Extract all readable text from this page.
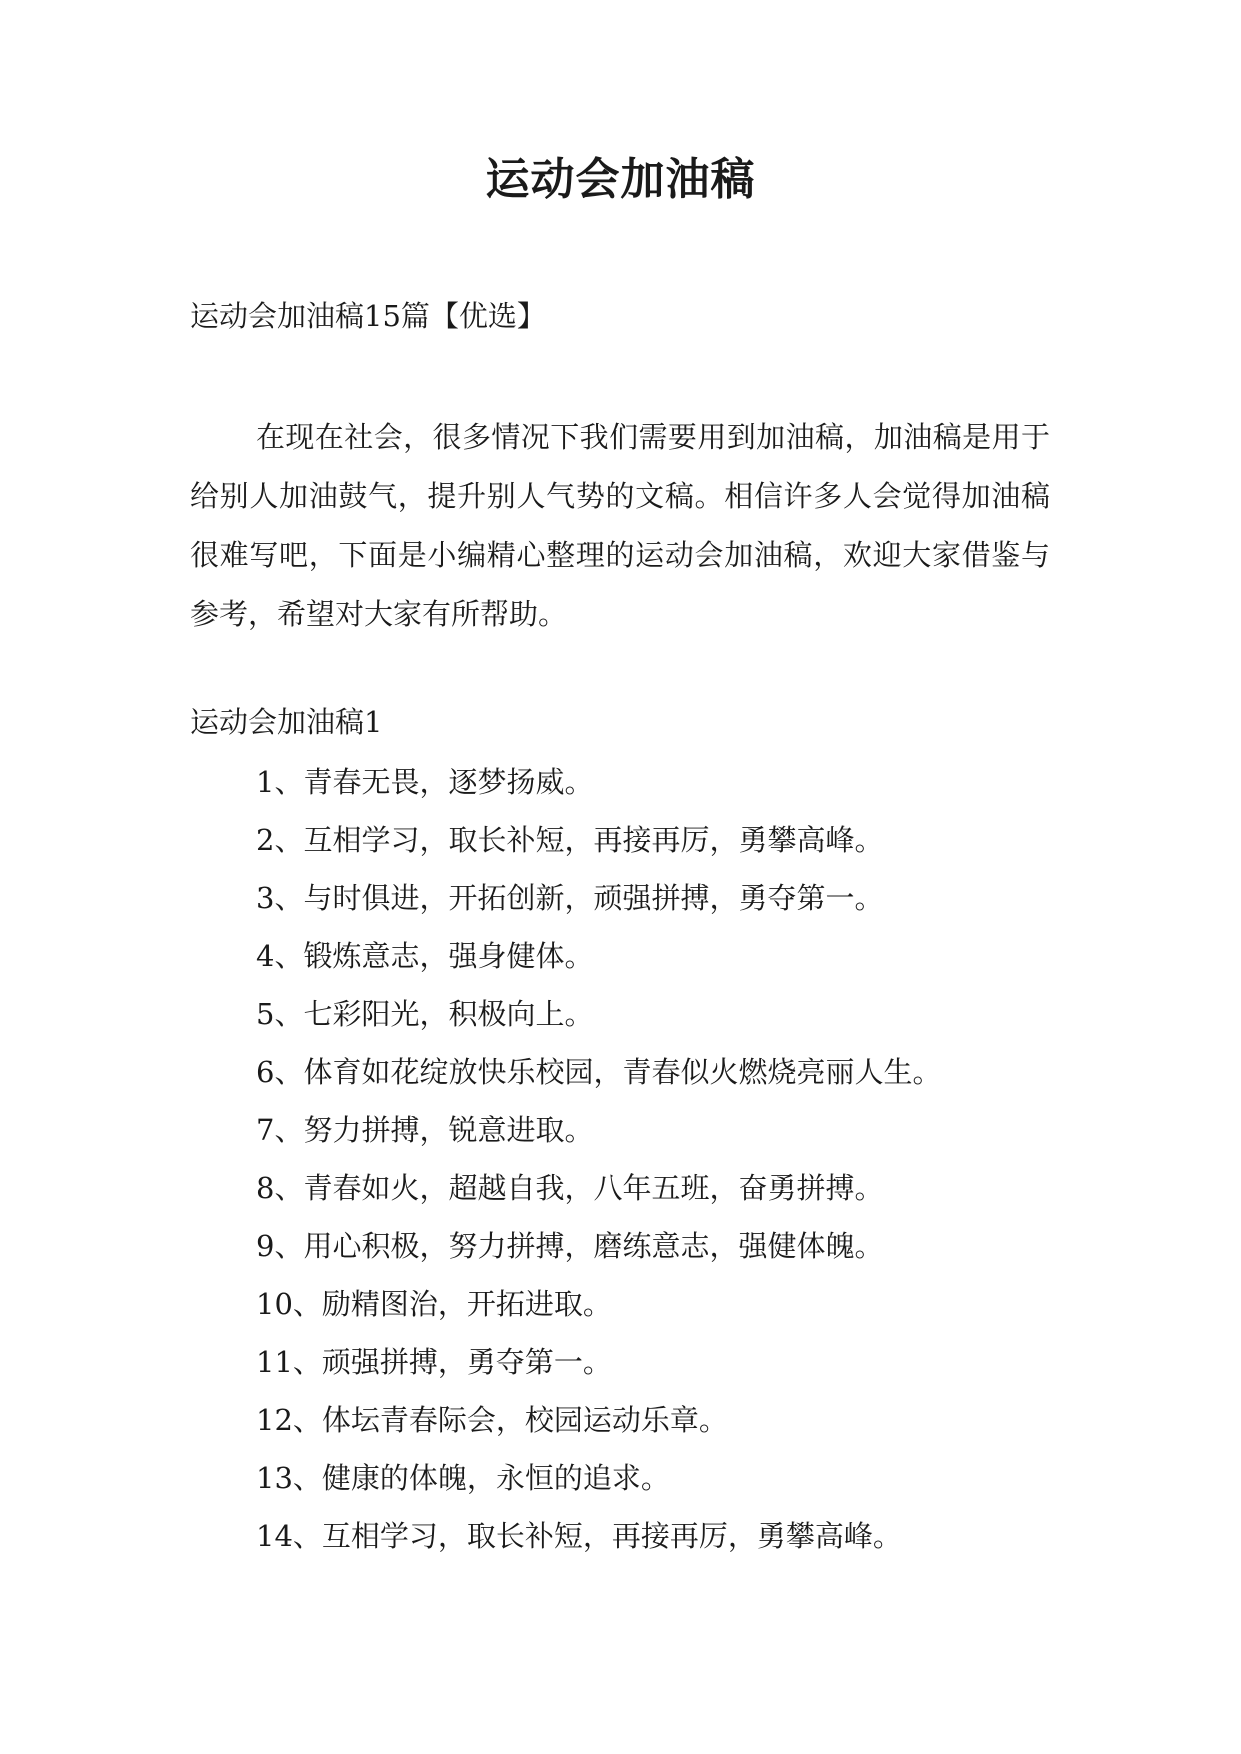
运动会加油稿
运动会加油稿15篇【优选】

在现在社会，很多情况下我们需要用到加油稿，加油稿是用于给别人加油鼓气，提升别人气势的文稿。相信许多人会觉得加油稿很难写吧，下面是小编精心整理的运动会加油稿，欢迎大家借鉴与参考，希望对大家有所帮助。

运动会加油稿1
1、青春无畏，逐梦扬威。
2、互相学习，取长补短，再接再厉，勇攀高峰。
3、与时俱进，开拓创新，顽强拼搏，勇夺第一。
4、锻炼意志，强身健体。
5、七彩阳光，积极向上。
6、体育如花绽放快乐校园，青春似火燃烧亮丽人生。
7、努力拼搏，锐意进取。
8、青春如火，超越自我，八年五班，奋勇拼搏。
9、用心积极，努力拼搏，磨练意志，强健体魄。
10、励精图治，开拓进取。
11、顽强拼搏，勇夺第一。
12、体坛青春际会，校园运动乐章。
13、健康的体魄，永恒的追求。
14、互相学习，取长补短，再接再厉，勇攀高峰。
